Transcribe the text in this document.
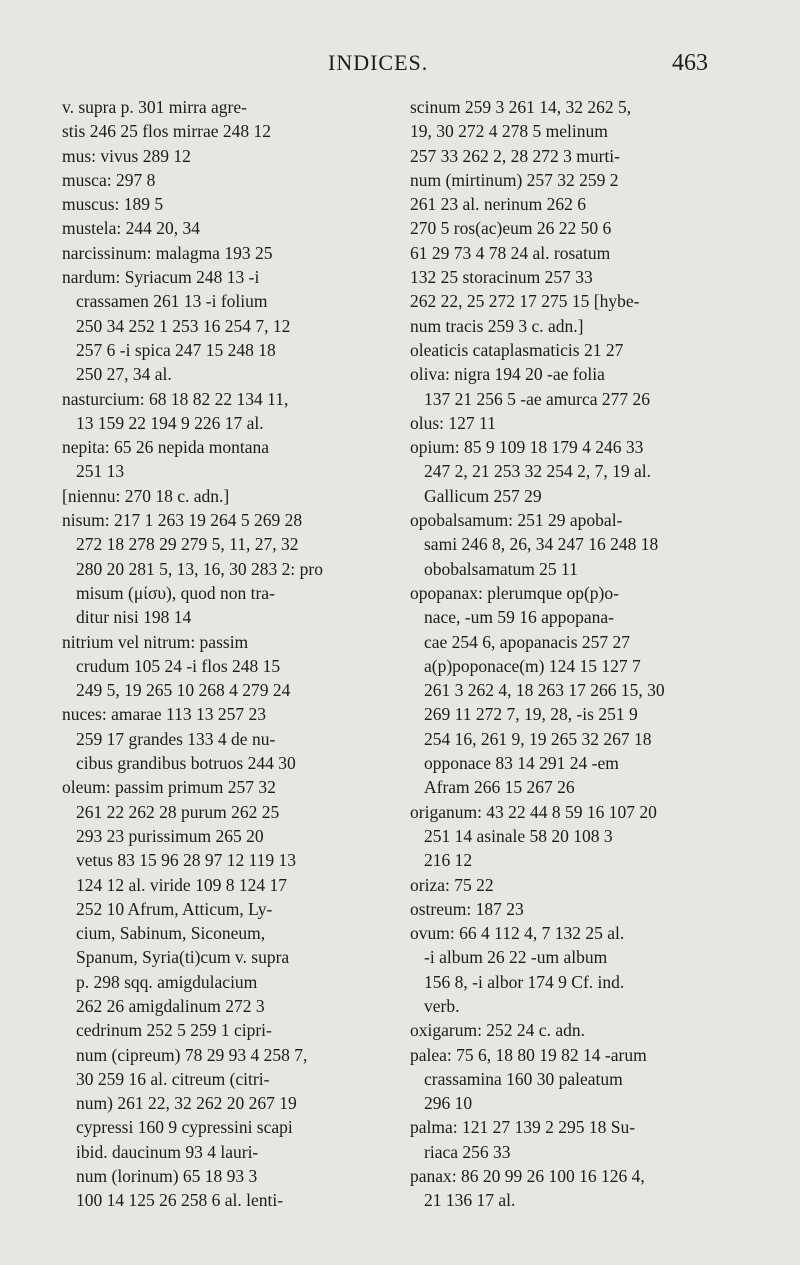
INDICES.	463
v. supra p. 301 mirra agre-
stis 246 25 flos mirrae 248 12
mus: vivus 289 12
musca: 297 8
muscus: 189 5
mustela: 244 20, 34
narcissinum: malagma 193 25
nardum: Syriacum 248 13 -i
crassamen 261 13 -i folium
250 34 252 1 253 16 254 7, 12
257 6 -i spica 247 15 248 18
250 27, 34 al.
nasturcium: 68 18 82 22 134 11,
13 159 22 194 9 226 17 al.
nepita: 65 26 nepida montana
251 13
[niennu: 270 18 c. adn.]
nisum: 217 1 263 19 264 5 269 28
272 18 278 29 279 5, 11, 27, 32
280 20 281 5, 13, 16, 30 283 2: pro
misum (μίσυ), quod non tra-
ditur nisi 198 14
nitrium vel nitrum: passim
crudum 105 24 -i flos 248 15
249 5, 19 265 10 268 4 279 24
nuces: amarae 113 13 257 23
259 17 grandes 133 4 de nu-
cibus grandibus botruos 244 30
oleum: passim primum 257 32
261 22 262 28 purum 262 25
293 23 purissimum 265 20
vetus 83 15 96 28 97 12 119 13
124 12 al. viride 109 8 124 17
252 10 Afrum, Atticum, Ly-
cium, Sabinum, Siconeum,
Spanum, Syria(ti)cum v. supra
p. 298 sqq. amigdulacium
262 26 amigdalinum 272 3
cedrinum 252 5 259 1 cipri-
num (cipreum) 78 29 93 4 258 7,
30 259 16 al. citreum (citri-
num) 261 22, 32 262 20 267 19
cypressi 160 9 cypressini scapi
ibid. daucinum 93 4 lauri-
num (lorinum) 65 18 93 3
100 14 125 26 258 6 al. lenti-
scinum 259 3 261 14, 32 262 5,
19, 30 272 4 278 5 melinum
257 33 262 2, 28 272 3 murti-
num (mirtinum) 257 32 259 2
261 23 al. nerinum 262 6
270 5 ros(ac)eum 26 22 50 6
61 29 73 4 78 24 al. rosatum
132 25 storacinum 257 33
262 22, 25 272 17 275 15 [hybe-
num tracis 259 3 c. adn.]
oleaticis cataplasmaticis 21 27
oliva: nigra 194 20 -ae folia
137 21 256 5 -ae amurca 277 26
olus: 127 11
opium: 85 9 109 18 179 4 246 33
247 2, 21 253 32 254 2, 7, 19 al.
Gallicum 257 29
opobalsamum: 251 29 apobal-
sami 246 8, 26, 34 247 16 248 18
obobalsamatum 25 11
opopanax: plerumque op(p)o-
nace, -um 59 16 appopana-
cae 254 6, apopanacis 257 27
a(p)poponace(m) 124 15 127 7
261 3 262 4, 18 263 17 266 15, 30
269 11 272 7, 19, 28, -is 251 9
254 16, 261 9, 19 265 32 267 18
opponace 83 14 291 24 -em
Afram 266 15 267 26
origanum: 43 22 44 8 59 16 107 20
251 14 asinale 58 20 108 3
216 12
oriza: 75 22
ostreum: 187 23
ovum: 66 4 112 4, 7 132 25 al.
-i album 26 22 -um album
156 8, -i albor 174 9 Cf. ind.
verb.
oxigarum: 252 24 c. adn.
palea: 75 6, 18 80 19 82 14 -arum
crassamina 160 30 paleatum
296 10
palma: 121 27 139 2 295 18 Su-
riaca 256 33
panax: 86 20 99 26 100 16 126 4,
21 136 17 al.
